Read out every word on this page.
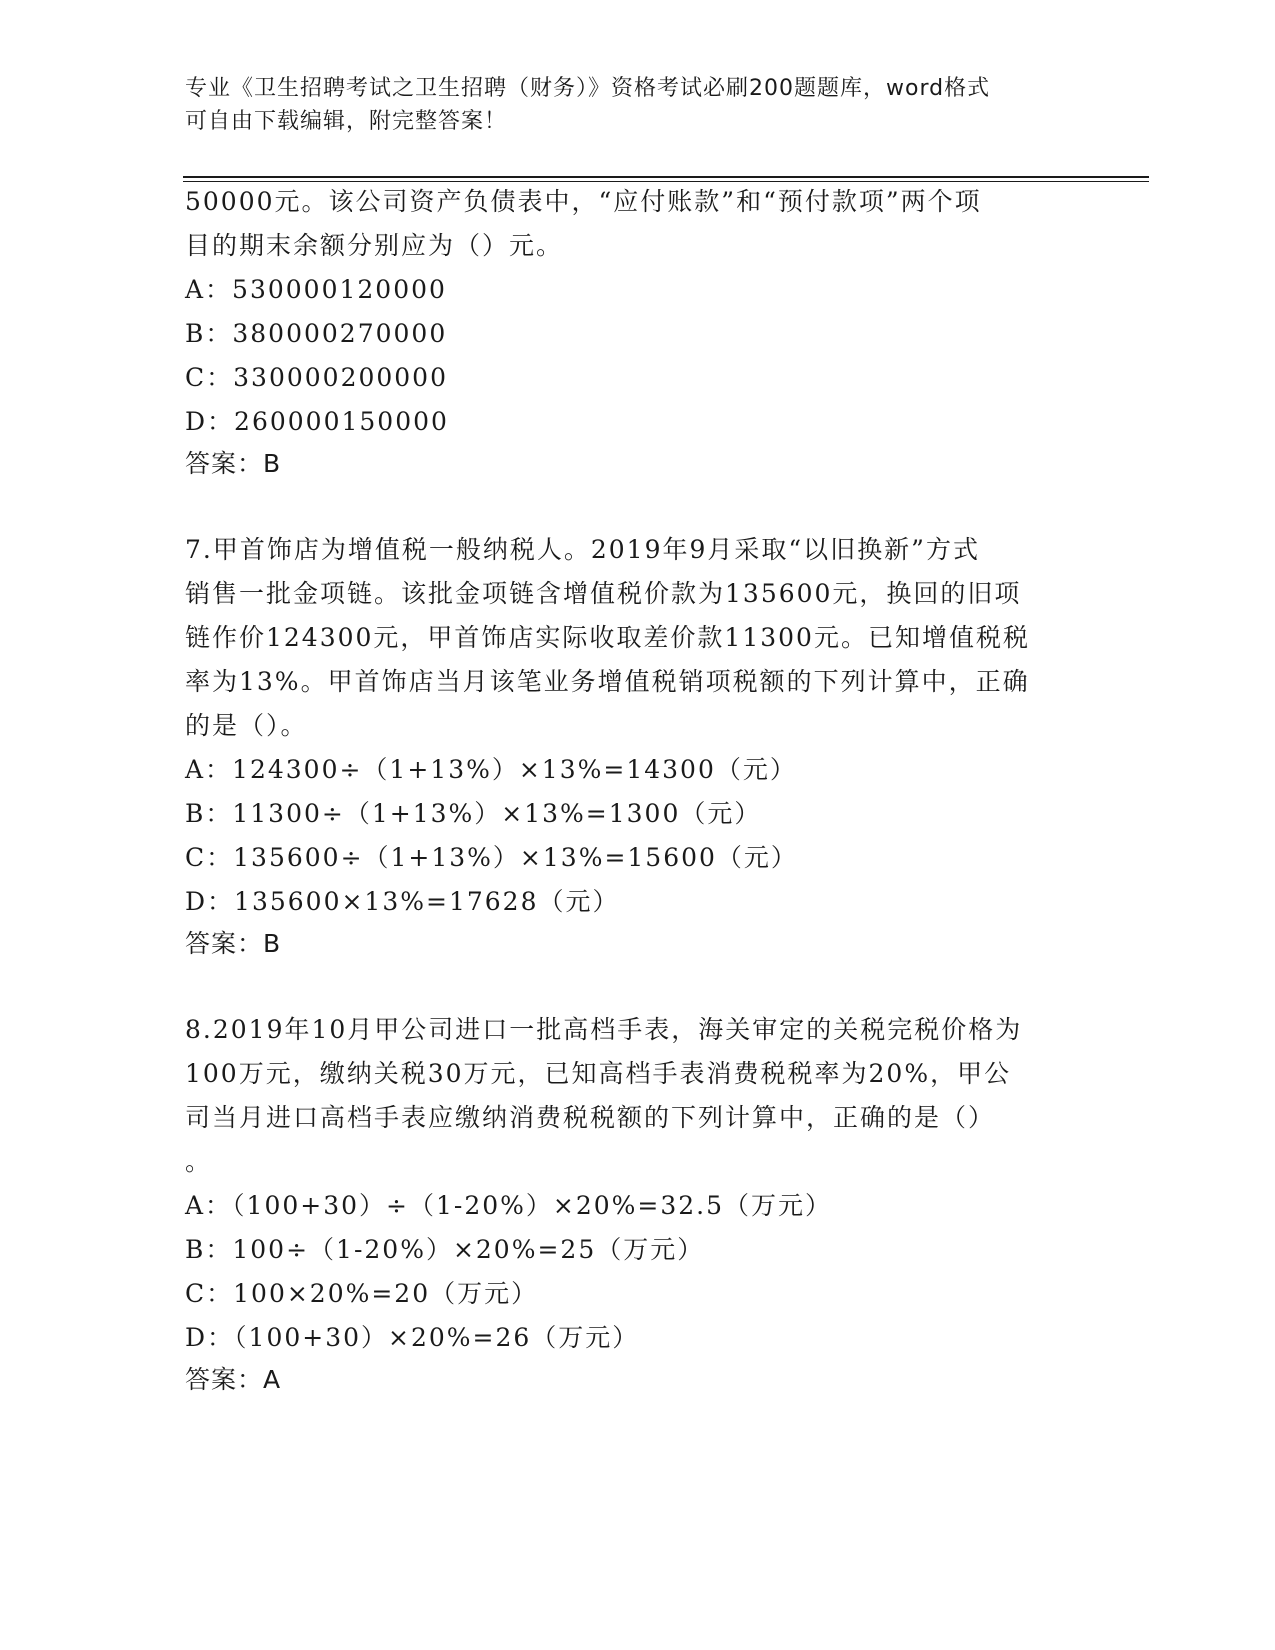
专业《卫生招聘考试之卫生招聘（财务）》资格考试必刷200题题库，word格式
可自由下载编辑，附完整答案！
50000元。该公司资产负债表中，“应付账款”和“预付款项”两个项
目的期末余额分别应为（）元。
A：530000120000
B：380000270000
C：330000200000
D：260000150000
答案：B
7.甲首饰店为增值税一般纳税人。2019年9月采取“以旧换新”方式
销售一批金项链。该批金项链含增值税价款为135600元，换回的旧项
链作价124300元，甲首饰店实际收取差价款11300元。已知增值税税
率为13%。甲首饰店当月该笔业务增值税销项税额的下列计算中，正确
的是（）。
A：124300÷（1+13%）×13%=14300（元）
B：11300÷（1+13%）×13%=1300（元）
C：135600÷（1+13%）×13%=15600（元）
D：135600×13%=17628（元）
答案：B
8.2019年10月甲公司进口一批高档手表，海关审定的关税完税价格为
100万元，缴纳关税30万元，已知高档手表消费税税率为20%，甲公
司当月进口高档手表应缴纳消费税税额的下列计算中，正确的是（）
。
A：（100+30）÷（1-20%）×20%=32.5（万元）
B：100÷（1-20%）×20%=25（万元）
C：100×20%=20（万元）
D：（100+30）×20%=26（万元）
答案：A
